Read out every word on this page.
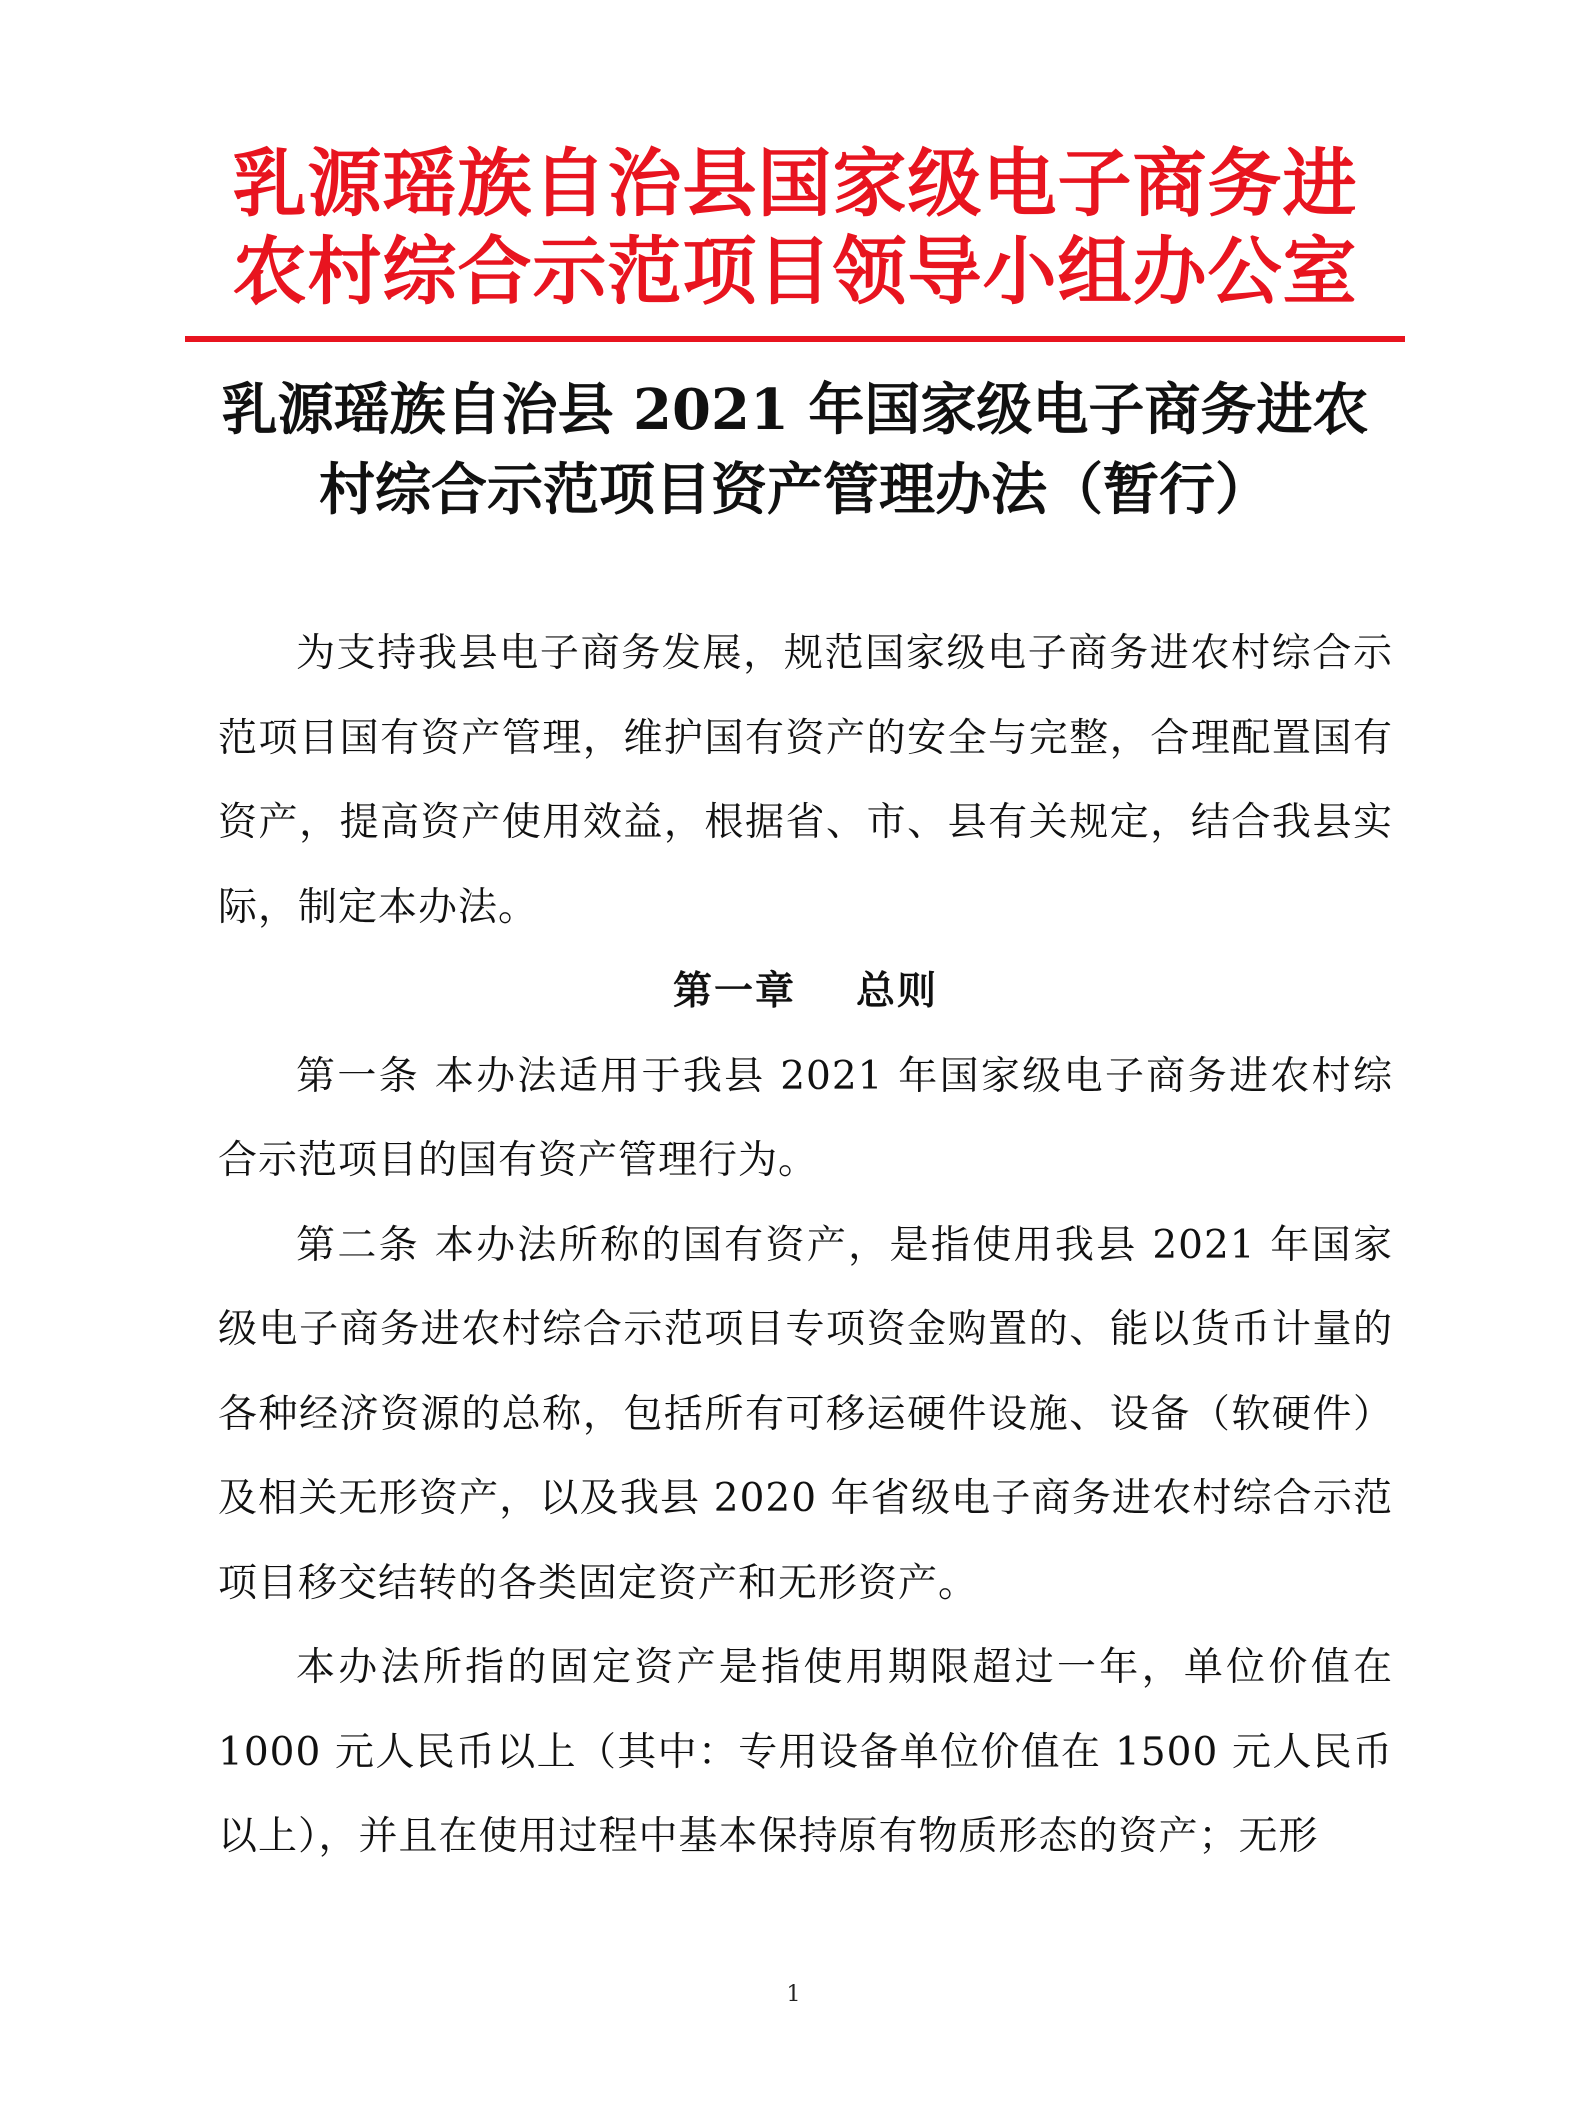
乳源瑶族自治县国家级电子商务进
农村综合示范项目领导小组办公室
乳源瑶族自治县 2021 年国家级电子商务进农
村综合示范项目资产管理办法（暂行）

为支持我县电子商务发展，规范国家级电子商务进农村综合示范项目国有资产管理，维护国有资产的安全与完整，合理配置国有资产，提高资产使用效益，根据省、市、县有关规定，结合我县实际，制定本办法。

第一章 总则

第一条 本办法适用于我县 2021 年国家级电子商务进农村综合示范项目的国有资产管理行为。

第二条 本办法所称的国有资产，是指使用我县 2021 年国家级电子商务进农村综合示范项目专项资金购置的、能以货币计量的各种经济资源的总称，包括所有可移运硬件设施、设备（软硬件）及相关无形资产，以及我县 2020 年省级电子商务进农村综合示范项目移交结转的各类固定资产和无形资产。

本办法所指的固定资产是指使用期限超过一年，单位价值在 1000 元人民币以上（其中：专用设备单位价值在 1500 元人民币以上），并且在使用过程中基本保持原有物质形态的资产；无形

1
